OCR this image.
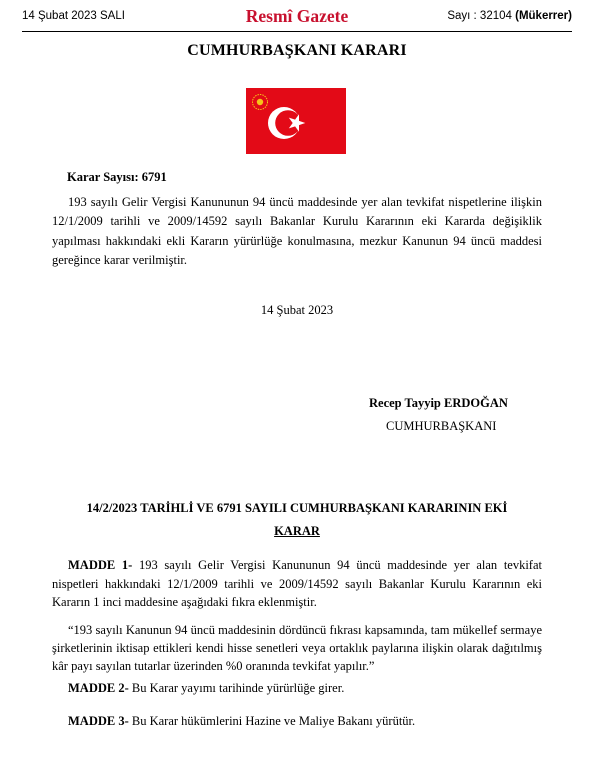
14 Şubat 2023 SALI	Resmî Gazete	Sayı : 32104 (Mükerrer)
CUMHURBAŞKANI KARARI
Karar Sayısı: 6791

193 sayılı Gelir Vergisi Kanununun 94 üncü maddesinde yer alan tevkifat nispetlerine ilişkin 12/1/2009 tarihli ve 2009/14592 sayılı Bakanlar Kurulu Kararının eki Kararda değişiklik yapılması hakkındaki ekli Kararın yürürlüğe konulmasına, mezkur Kanunun 94 üncü maddesi gereğince karar verilmiştir.

14 Şubat 2023
Recep Tayyip ERDOĞAN
CUMHURBAŞKANI
14/2/2023 TARİHLİ VE 6791 SAYILI CUMHURBAŞKANI KARARININ EKİ
KARAR

MADDE 1- 193 sayılı Gelir Vergisi Kanununun 94 üncü maddesinde yer alan tevkifat nispetleri hakkındaki 12/1/2009 tarihli ve 2009/14592 sayılı Bakanlar Kurulu Kararının eki Kararın 1 inci maddesine aşağıdaki fıkra eklenmiştir.

“193 sayılı Kanunun 94 üncü maddesinin dördüncü fıkrası kapsamında, tam mükellef sermaye şirketlerinin iktisap ettikleri kendi hisse senetleri veya ortaklık paylarına ilişkin olarak dağıtılmış kâr payı sayılan tutarlar üzerinden %0 oranında tevkifat yapılır.”

MADDE 2- Bu Karar yayımı tarihinde yürürlüğe girer.

MADDE 3- Bu Karar hükümlerini Hazine ve Maliye Bakanı yürütür.
